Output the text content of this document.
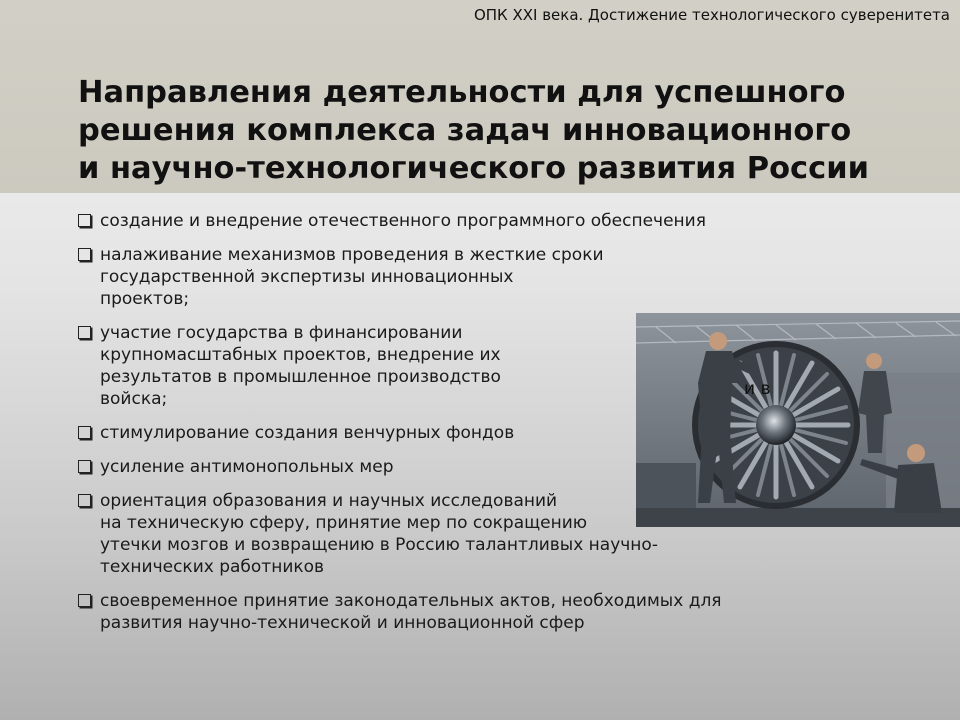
ОПК XXI века. Достижение технологического суверенитета
Направления деятельности для успешного
решения комплекса задач инновационного
и научно-технологического развития России
создание и внедрение отечественного программного обеспечения
налаживание механизмов проведения в жесткие сроки
государственной экспертизы инновационных
проектов;
участие государства в финансировании
крупномасштабных проектов, внедрение их
результатов в промышленное производство
войска;
стимулирование создания венчурных фондов
усиление антимонопольных мер
ориентация образования и научных исследований
на техническую сферу, принятие мер по сокращению
утечки мозгов и возвращению в Россию талантливых научно-
технических работников
своевременное принятие законодательных актов, необходимых для
развития научно-технической и инновационной сфер
и в
